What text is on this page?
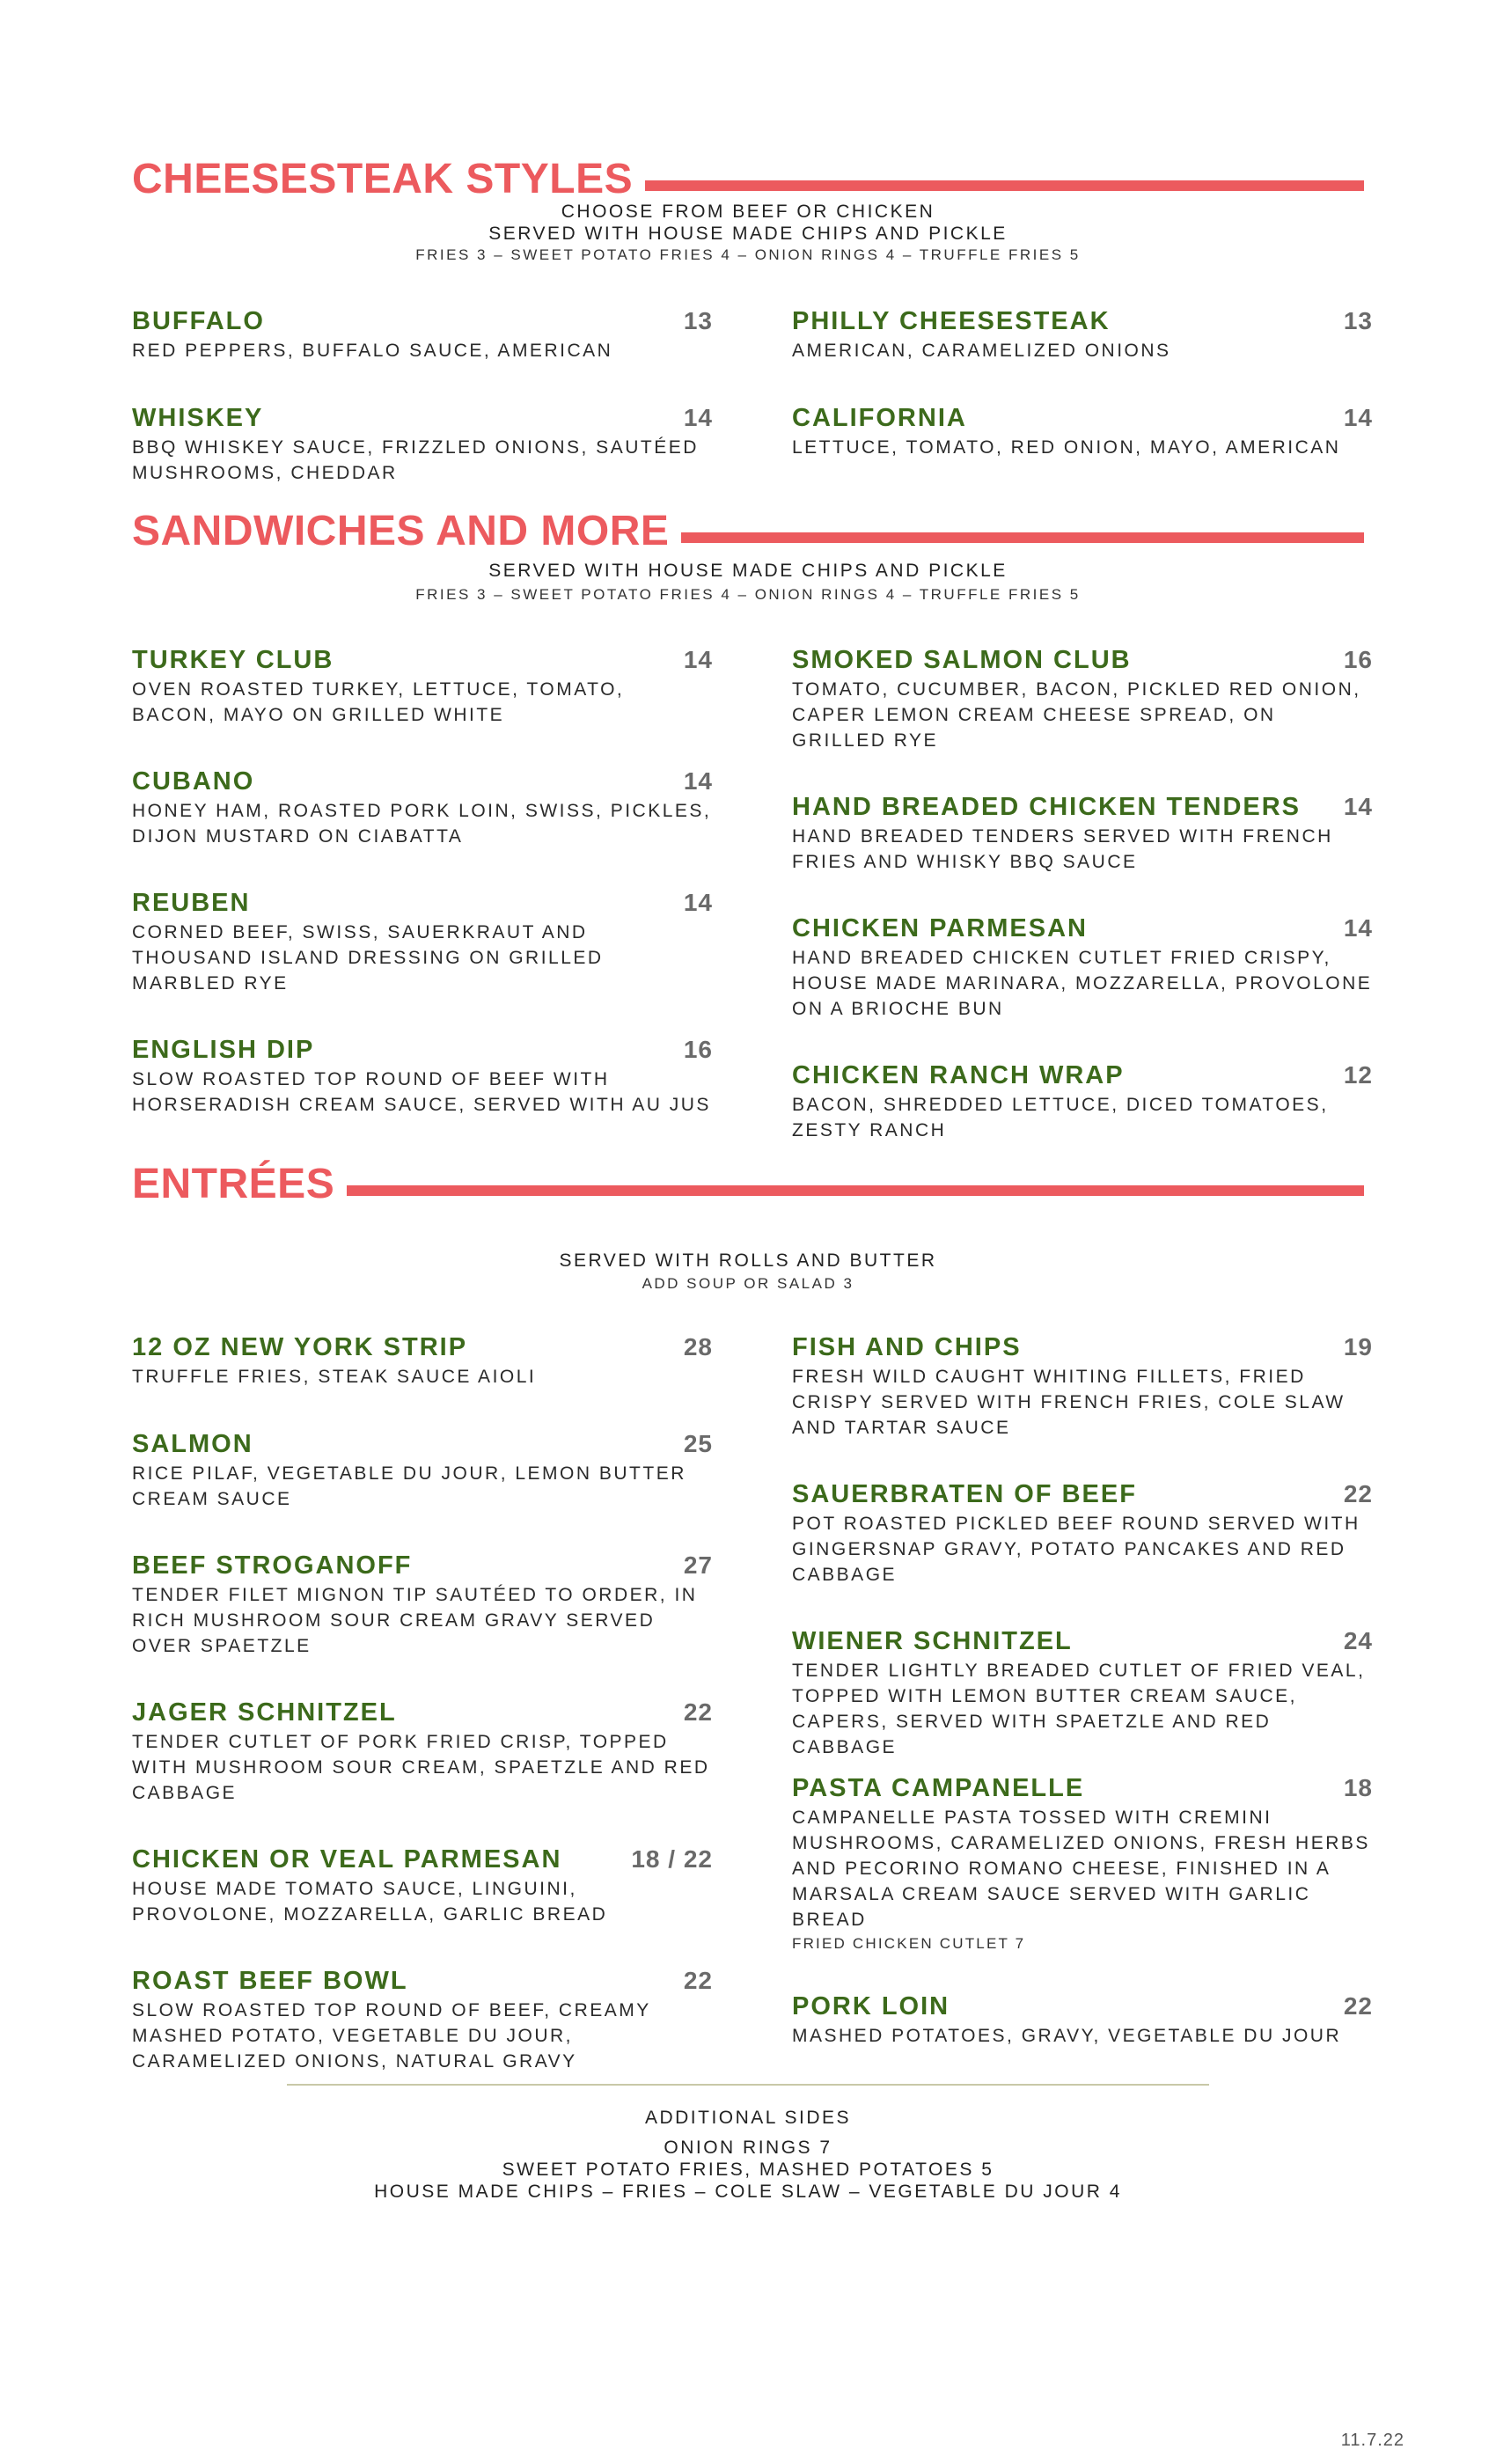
CHEESESTEAK STYLES
CHOOSE FROM BEEF OR CHICKEN
SERVED WITH HOUSE MADE CHIPS AND PICKLE
FRIES 3 – SWEET POTATO FRIES 4 – ONION RINGS 4 – TRUFFLE FRIES 5
BUFFALO	13
RED PEPPERS, BUFFALO SAUCE, AMERICAN
WHISKEY	14
BBQ WHISKEY SAUCE, FRIZZLED ONIONS, SAUTÉED MUSHROOMS, CHEDDAR
PHILLY CHEESESTEAK	13
AMERICAN, CARAMELIZED ONIONS
CALIFORNIA	14
LETTUCE, TOMATO, RED ONION, MAYO, AMERICAN
SANDWICHES AND MORE
SERVED WITH HOUSE MADE CHIPS AND PICKLE
FRIES 3 – SWEET POTATO FRIES 4 – ONION RINGS 4 – TRUFFLE FRIES 5
TURKEY CLUB	14
OVEN ROASTED TURKEY, LETTUCE, TOMATO, BACON, MAYO ON GRILLED WHITE
CUBANO	14
HONEY HAM, ROASTED PORK LOIN, SWISS, PICKLES, DIJON MUSTARD ON CIABATTA
REUBEN	14
CORNED BEEF, SWISS, SAUERKRAUT AND THOUSAND ISLAND DRESSING ON GRILLED MARBLED RYE
ENGLISH DIP	16
SLOW ROASTED TOP ROUND OF BEEF WITH HORSERADISH CREAM SAUCE, SERVED WITH AU JUS
SMOKED SALMON CLUB	16
TOMATO, CUCUMBER, BACON, PICKLED RED ONION, CAPER LEMON CREAM CHEESE SPREAD, ON GRILLED RYE
HAND BREADED CHICKEN TENDERS 14
HAND BREADED TENDERS SERVED WITH FRENCH FRIES AND WHISKY BBQ SAUCE
CHICKEN PARMESAN	14
HAND BREADED CHICKEN CUTLET FRIED CRISPY, HOUSE MADE MARINARA, MOZZARELLA, PROVOLONE ON A BRIOCHE BUN
CHICKEN RANCH WRAP	12
BACON, SHREDDED LETTUCE, DICED TOMATOES, ZESTY RANCH
ENTRÉES
SERVED WITH ROLLS AND BUTTER
ADD SOUP OR SALAD 3
12 OZ NEW YORK STRIP	28
TRUFFLE FRIES, STEAK SAUCE AIOLI
SALMON	25
RICE PILAF, VEGETABLE DU JOUR, LEMON BUTTER CREAM SAUCE
BEEF STROGANOFF	27
TENDER FILET MIGNON TIP SAUTÉED TO ORDER, IN RICH MUSHROOM SOUR CREAM GRAVY SERVED OVER SPAETZLE
JAGER SCHNITZEL	22
TENDER CUTLET OF PORK FRIED CRISP, TOPPED WITH MUSHROOM SOUR CREAM, SPAETZLE AND RED CABBAGE
CHICKEN OR VEAL PARMESAN	18 / 22
HOUSE MADE TOMATO SAUCE, LINGUINI, PROVOLONE, MOZZARELLA, GARLIC BREAD
ROAST BEEF BOWL	22
SLOW ROASTED TOP ROUND OF BEEF, CREAMY MASHED POTATO, VEGETABLE DU JOUR, CARAMELIZED ONIONS, NATURAL GRAVY
FISH AND CHIPS	19
FRESH WILD CAUGHT WHITING FILLETS, FRIED CRISPY SERVED WITH FRENCH FRIES, COLE SLAW AND TARTAR SAUCE
SAUERBRATEN OF BEEF	22
POT ROASTED PICKLED BEEF ROUND SERVED WITH GINGERSNAP GRAVY, POTATO PANCAKES AND RED CABBAGE
WIENER SCHNITZEL	24
TENDER LIGHTLY BREADED CUTLET OF FRIED VEAL, TOPPED WITH LEMON BUTTER CREAM SAUCE, CAPERS, SERVED WITH SPAETZLE AND RED CABBAGE
PASTA CAMPANELLE	18
CAMPANELLE PASTA TOSSED WITH CREMINI MUSHROOMS, CARAMELIZED ONIONS, FRESH HERBS AND PECORINO ROMANO CHEESE, FINISHED IN A MARSALA CREAM SAUCE SERVED WITH GARLIC BREAD
FRIED CHICKEN CUTLET 7
PORK LOIN	22
MASHED POTATOES, GRAVY, VEGETABLE DU JOUR
ADDITIONAL SIDES
ONION RINGS 7
SWEET POTATO FRIES, MASHED POTATOES 5
HOUSE MADE CHIPS – FRIES – COLE SLAW – VEGETABLE DU JOUR 4
11.7.22
